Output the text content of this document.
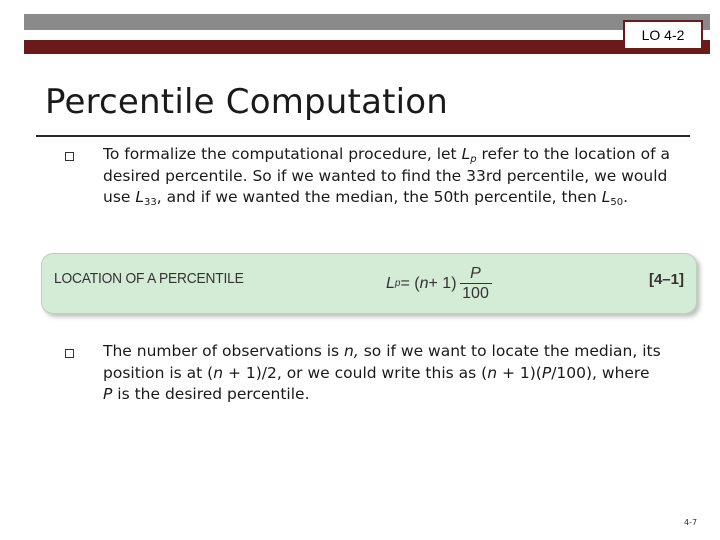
LO 4-2
Percentile Computation
To formalize the computational procedure, let $L_p$ refer to the location of a desired percentile. So if we wanted to find the 33rd percentile, we would use $L_{33}$, and if we wanted the median, the 50th percentile, then $L_{50}$.
LOCATION OF A PERCENTILE	L p = ( $n + 1) \frac{P}{100}$	[4–1]
The number of observations is n, so if we want to locate the median, its position is at (n + 1)/2, or we could write this as (n + 1)(P/100), where P is the desired percentile.
4-7
